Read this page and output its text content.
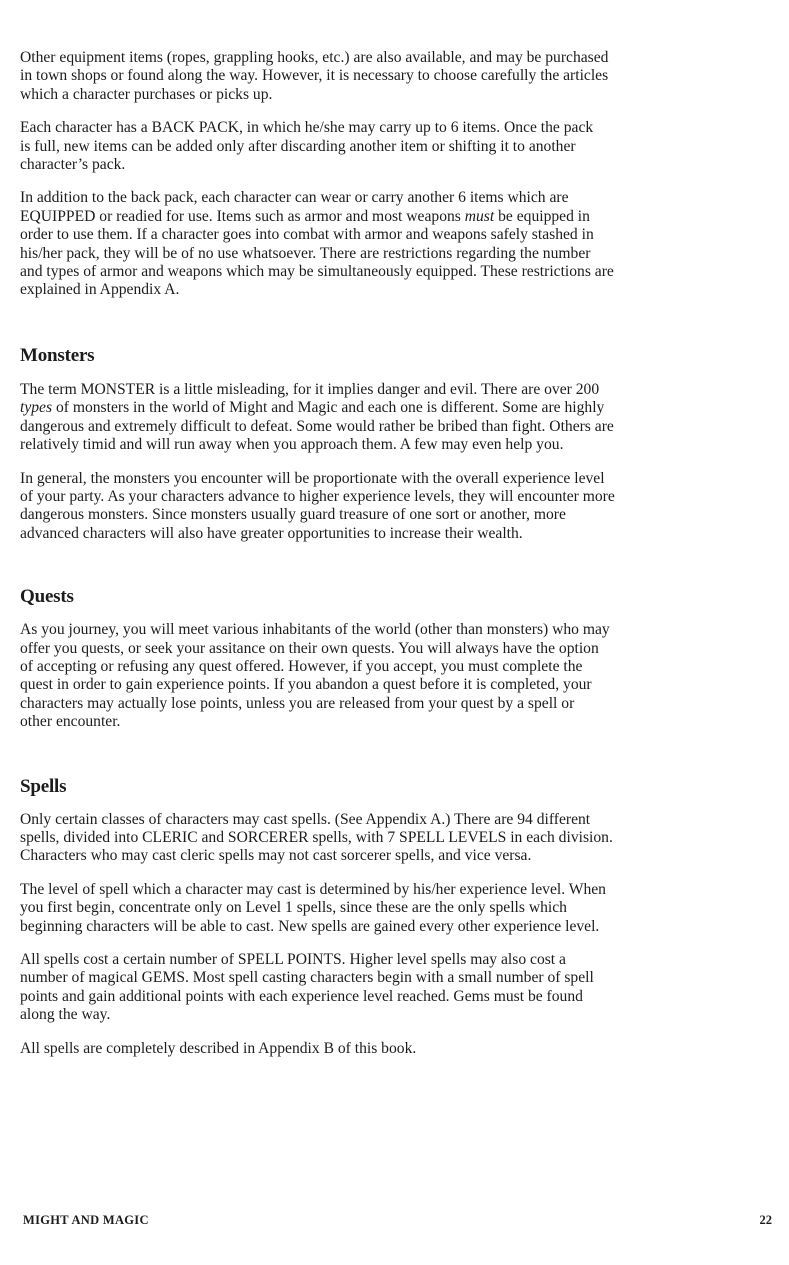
Other equipment items (ropes, grappling hooks, etc.) are also available, and may be purchased
in town shops or found along the way. However, it is necessary to choose carefully the articles
which a character purchases or picks up.

Each character has a BACK PACK, in which he/she may carry up to 6 items. Once the pack
is full, new items can be added only after discarding another item or shifting it to another
character’s pack.

In addition to the back pack, each character can wear or carry another 6 items which are
EQUIPPED or readied for use. Items such as armor and most weapons must be equipped in
order to use them. If a character goes into combat with armor and weapons safely stashed in
his/her pack, they will be of no use whatsoever. There are restrictions regarding the number
and types of armor and weapons which may be simultaneously equipped. These restrictions are
explained in Appendix A.

Monsters

The term MONSTER is a little misleading, for it implies danger and evil. There are over 200
types of monsters in the world of Might and Magic and each one is different. Some are highly
dangerous and extremely difficult to defeat. Some would rather be bribed than fight. Others are
relatively timid and will run away when you approach them. A few may even help you.

In general, the monsters you encounter will be proportionate with the overall experience level
of your party. As your characters advance to higher experience levels, they will encounter more
dangerous monsters. Since monsters usually guard treasure of one sort or another, more
advanced characters will also have greater opportunities to increase their wealth.

Quests

As you journey, you will meet various inhabitants of the world (other than monsters) who may
offer you quests, or seek your assitance on their own quests. You will always have the option
of accepting or refusing any quest offered. However, if you accept, you must complete the
quest in order to gain experience points. If you abandon a quest before it is completed, your
characters may actually lose points, unless you are released from your quest by a spell or
other encounter.

Spells

Only certain classes of characters may cast spells. (See Appendix A.) There are 94 different
spells, divided into CLERIC and SORCERER spells, with 7 SPELL LEVELS in each division.
Characters who may cast cleric spells may not cast sorcerer spells, and vice versa.

The level of spell which a character may cast is determined by his/her experience level. When
you first begin, concentrate only on Level 1 spells, since these are the only spells which
beginning characters will be able to cast. New spells are gained every other experience level.

All spells cost a certain number of SPELL POINTS. Higher level spells may also cost a
number of magical GEMS. Most spell casting characters begin with a small number of spell
points and gain additional points with each experience level reached. Gems must be found
along the way.

All spells are completely described in Appendix B of this book.

MIGHT AND MAGIC	22
